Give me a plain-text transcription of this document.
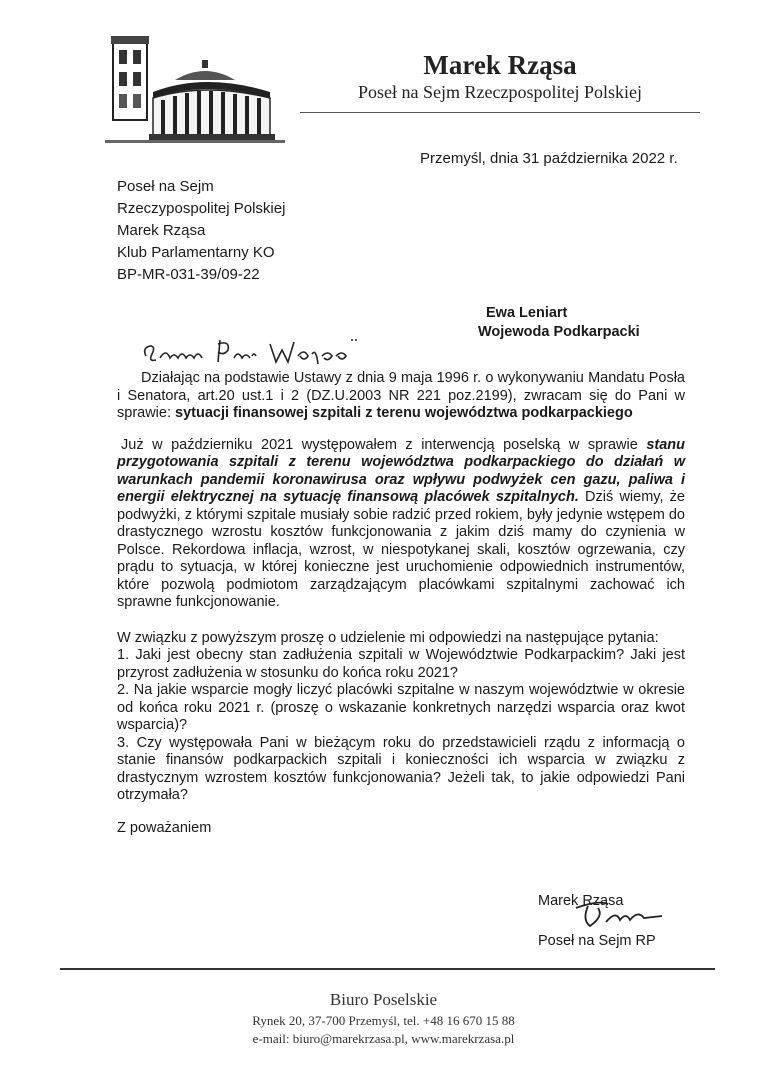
Marek Rząsa
Poseł na Sejm Rzeczpospolitej Polskiej
Przemyśl, dnia 31 października 2022 r.
Poseł na Sejm
Rzeczypospolitej Polskiej
Marek Rząsa
Klub Parlamentarny KO
BP-MR-031-39/09-22
Ewa Leniart
Wojewoda Podkarpacki

Działając na podstawie Ustawy z dnia 9 maja 1996 r. o wykonywaniu Mandatu Posła i Senatora, art.20 ust.1 i 2 (DZ.U.2003 NR 221 poz.2199), zwracam się do Pani w sprawie: sytuacji finansowej szpitali z terenu województwa podkarpackiego

Już w październiku 2021 występowałem z interwencją poselską w sprawie stanu przygotowania szpitali z terenu województwa podkarpackiego do działań w warunkach pandemii koronawirusa oraz wpływu podwyżek cen gazu, paliwa i energii elektrycznej na sytuację finansową placówek szpitalnych. Dziś wiemy, że podwyżki, z którymi szpitale musiały sobie radzić przed rokiem, były jedynie wstępem do drastycznego wzrostu kosztów funkcjonowania z jakim dziś mamy do czynienia w Polsce. Rekordowa inflacja, wzrost, w niespotykanej skali, kosztów ogrzewania, czy prądu to sytuacja, w której konieczne jest uruchomienie odpowiednich instrumentów, które pozwolą podmiotom zarządzającym placówkami szpitalnymi zachować ich sprawne funkcjonowanie.

W związku z powyższym proszę o udzielenie mi odpowiedzi na następujące pytania:

1. Jaki jest obecny stan zadłużenia szpitali w Województwie Podkarpackim? Jaki jest przyrost zadłużenia w stosunku do końca roku 2021?

2. Na jakie wsparcie mogły liczyć placówki szpitalne w naszym województwie w okresie od końca roku 2021 r. (proszę o wskazanie konkretnych narzędzi wsparcia oraz kwot wsparcia)?

3. Czy występowała Pani w bieżącym roku do przedstawicieli rządu z informacją o stanie finansów podkarpackich szpitali i konieczności ich wsparcia w związku z drastycznym wzrostem kosztów funkcjonowania? Jeżeli tak, to jakie odpowiedzi Pani otrzymała?

Z poważaniem

Marek Rząsa
Poseł na Sejm RP
Biuro Poselskie
Rynek 20, 37-700 Przemyśl, tel. +48 16 670 15 88
e-mail: biuro@marekrzasa.pl, www.marekrzasa.pl
